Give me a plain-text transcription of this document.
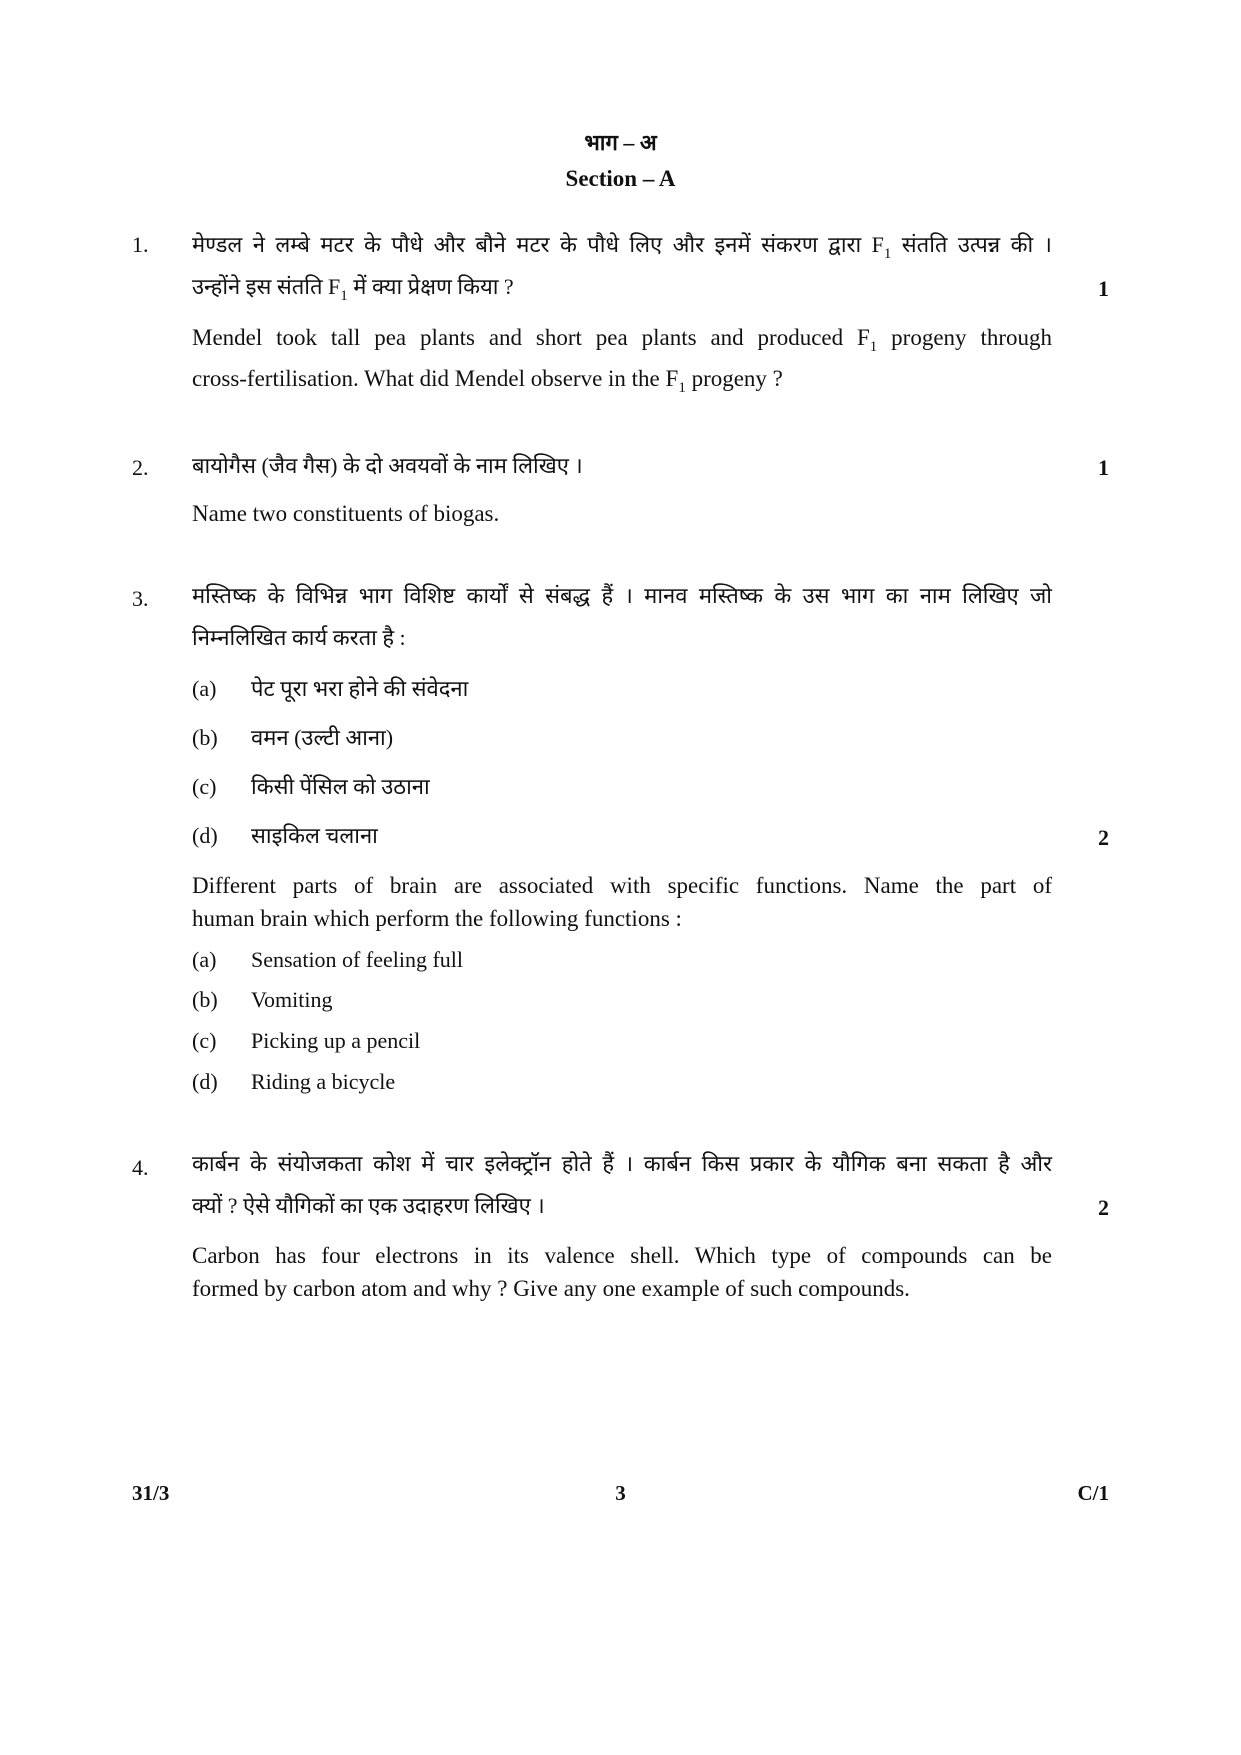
भाग – अ
Section – A
1. मेण्डल ने लम्बे मटर के पौधे और बौने मटर के पौधे लिए और इनमें संकरण द्वारा $F_1$ संतति उत्पन्न की ।
उन्होंने इस संतति $F_1$ में क्या प्रेक्षण किया ?	1
Mendel took tall pea plants and short pea plants and produced $F_1$ progeny through
cross-fertilisation. What did Mendel observe in the $F_1$ progeny ?
2. बायोगैस (जैव गैस) के दो अवयवों के नाम लिखिए ।	1
Name two constituents of biogas.
3. मस्तिष्क के विभिन्न भाग विशिष्ट कार्यों से संबद्ध हैं । मानव मस्तिष्क के उस भाग का नाम लिखिए जो
निम्नलिखित कार्य करता है :
(a) पेट पूरा भरा होने की संवेदना
(b) वमन (उल्टी आना)
(c) किसी पेंसिल को उठाना
(d) साइकिल चलाना	2
Different parts of brain are associated with specific functions. Name the part of
human brain which perform the following functions :
(a) Sensation of feeling full
(b) Vomiting
(c) Picking up a pencil
(d) Riding a bicycle
4. कार्बन के संयोजकता कोश में चार इलेक्ट्रॉन होते हैं । कार्बन किस प्रकार के यौगिक बना सकता है और
क्यों ? ऐसे यौगिकों का एक उदाहरण लिखिए ।	2
Carbon has four electrons in its valence shell. Which type of compounds can be
formed by carbon atom and why ? Give any one example of such compounds.
31/3	3	C/1
